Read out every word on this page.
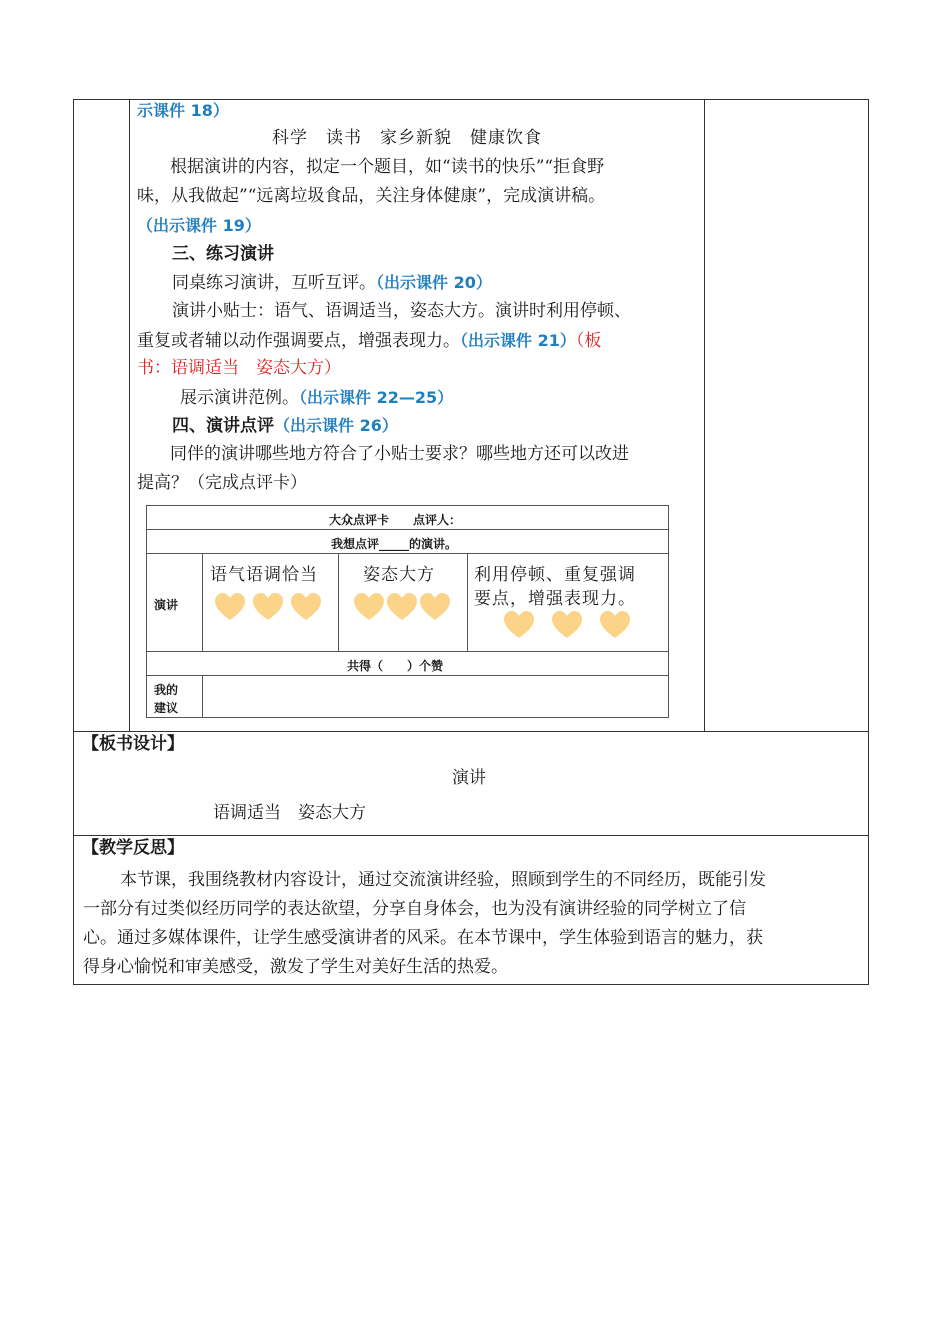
示课件 18）
科学　读书　家乡新貌　健康饮食
根据演讲的内容，拟定一个题目，如“读书的快乐”“拒食野
味，从我做起”“远离垃圾食品，关注身体健康”，完成演讲稿。
（出示课件 19）
三、练习演讲
同桌练习演讲，互听互评。（出示课件 20）
演讲小贴士：语气、语调适当，姿态大方。演讲时利用停顿、
重复或者辅以动作强调要点，增强表现力。（出示课件 21）（板
书：语调适当　姿态大方）
展示演讲范例。（出示课件 22—25）
四、演讲点评（出示课件 26）
同伴的演讲哪些地方符合了小贴士要求？哪些地方还可以改进
提高？（完成点评卡）
大众点评卡　　点评人：
我想点评_____的演讲。
演讲
语气语调恰当	姿态大方 利用停顿、重复强调
要点，增强表现力。
共得（　　）个赞
我的
建议
【板书设计】
演讲
语调适当　姿态大方
【教学反思】
本节课，我围绕教材内容设计，通过交流演讲经验，照顾到学生的不同经历，既能引发
一部分有过类似经历同学的表达欲望，分享自身体会，也为没有演讲经验的同学树立了信
心。通过多媒体课件，让学生感受演讲者的风采。在本节课中，学生体验到语言的魅力，获
得身心愉悦和审美感受，激发了学生对美好生活的热爱。
